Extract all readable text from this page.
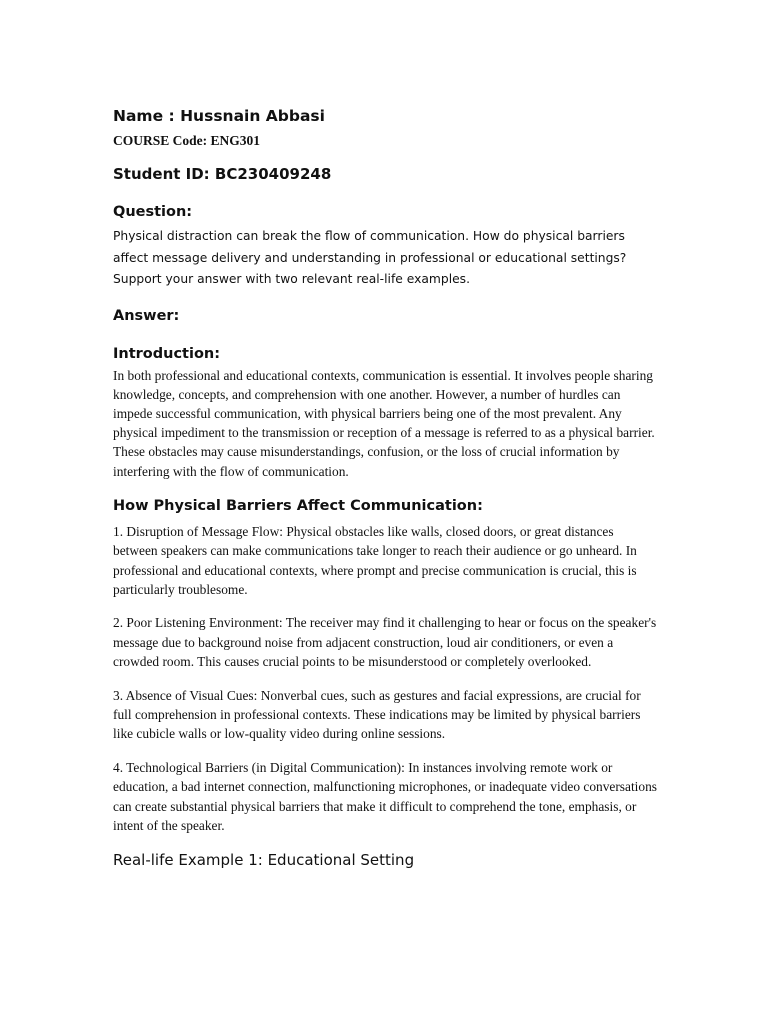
Name : Hussnain Abbasi

COURSE Code: ENG301

Student ID: BC230409248

Question:

Physical distraction can break the flow of communication. How do physical barriers affect message delivery and understanding in professional or educational settings? Support your answer with two relevant real-life examples.

Answer:

Introduction:

In both professional and educational contexts, communication is essential. It involves people sharing knowledge, concepts, and comprehension with one another. However, a number of hurdles can impede successful communication, with physical barriers being one of the most prevalent. Any physical impediment to the transmission or reception of a message is referred to as a physical barrier. These obstacles may cause misunderstandings, confusion, or the loss of crucial information by interfering with the flow of communication.

How Physical Barriers Affect Communication:

1. Disruption of Message Flow: Physical obstacles like walls, closed doors, or great distances between speakers can make communications take longer to reach their audience or go unheard. In professional and educational contexts, where prompt and precise communication is crucial, this is particularly troublesome.

2. Poor Listening Environment: The receiver may find it challenging to hear or focus on the speaker's message due to background noise from adjacent construction, loud air conditioners, or even a crowded room. This causes crucial points to be misunderstood or completely overlooked.

3. Absence of Visual Cues: Nonverbal cues, such as gestures and facial expressions, are crucial for full comprehension in professional contexts. These indications may be limited by physical barriers like cubicle walls or low-quality video during online sessions.

4. Technological Barriers (in Digital Communication): In instances involving remote work or education, a bad internet connection, malfunctioning microphones, or inadequate video conversations can create substantial physical barriers that make it difficult to comprehend the tone, emphasis, or intent of the speaker.

Real-life Example 1: Educational Setting
